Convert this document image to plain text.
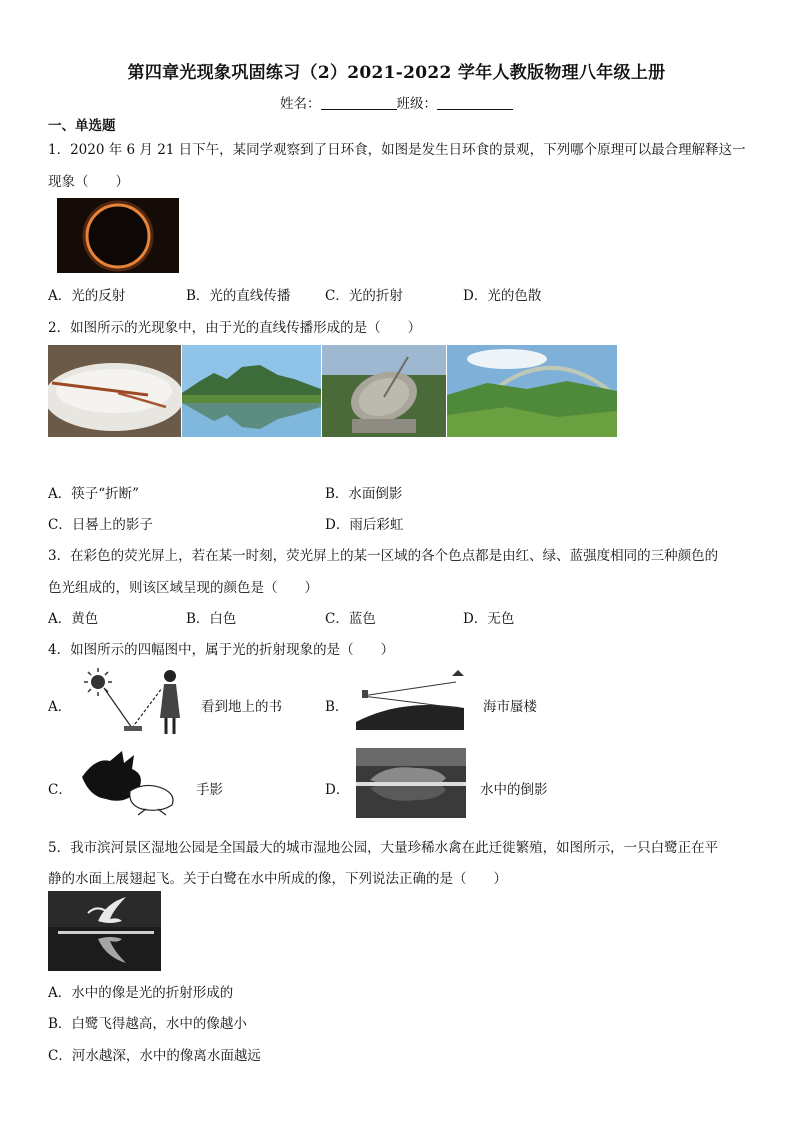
第四章光现象巩固练习（2）2021-2022 学年人教版物理八年级上册
姓名：	班级：
一、单选题
1．2020 年 6 月 21 日下午，某同学观察到了日环食，如图是发生日环食的景观，下列哪个原理可以最合理解释这一
现象（　　）
A．光的反射	B．光的直线传播	C．光的折射	D．光的色散
2．如图所示的光现象中，由于光的直线传播形成的是（　　）
A．筷子“折断”	B．水面倒影
C．日晷上的影子	D．雨后彩虹
3．在彩色的荧光屏上，若在某一时刻，荧光屏上的某一区域的各个色点都是由红、绿、蓝强度相同的三种颜色的
色光组成的，则该区域呈现的颜色是（　　）
A．黄色	B．白色	C．蓝色	D．无色
4．如图所示的四幅图中，属于光的折射现象的是（　　）
A．	看到地上的书	B．	海市蜃楼
C．	手影	D．	水中的倒影
5．我市滨河景区湿地公园是全国最大的城市湿地公园，大量珍稀水禽在此迁徙繁殖，如图所示，一只白鹭正在平
静的水面上展翅起飞。关于白鹭在水中所成的像，下列说法正确的是（　　）
A．水中的像是光的折射形成的
B．白鹭飞得越高，水中的像越小
C．河水越深，水中的像离水面越远
